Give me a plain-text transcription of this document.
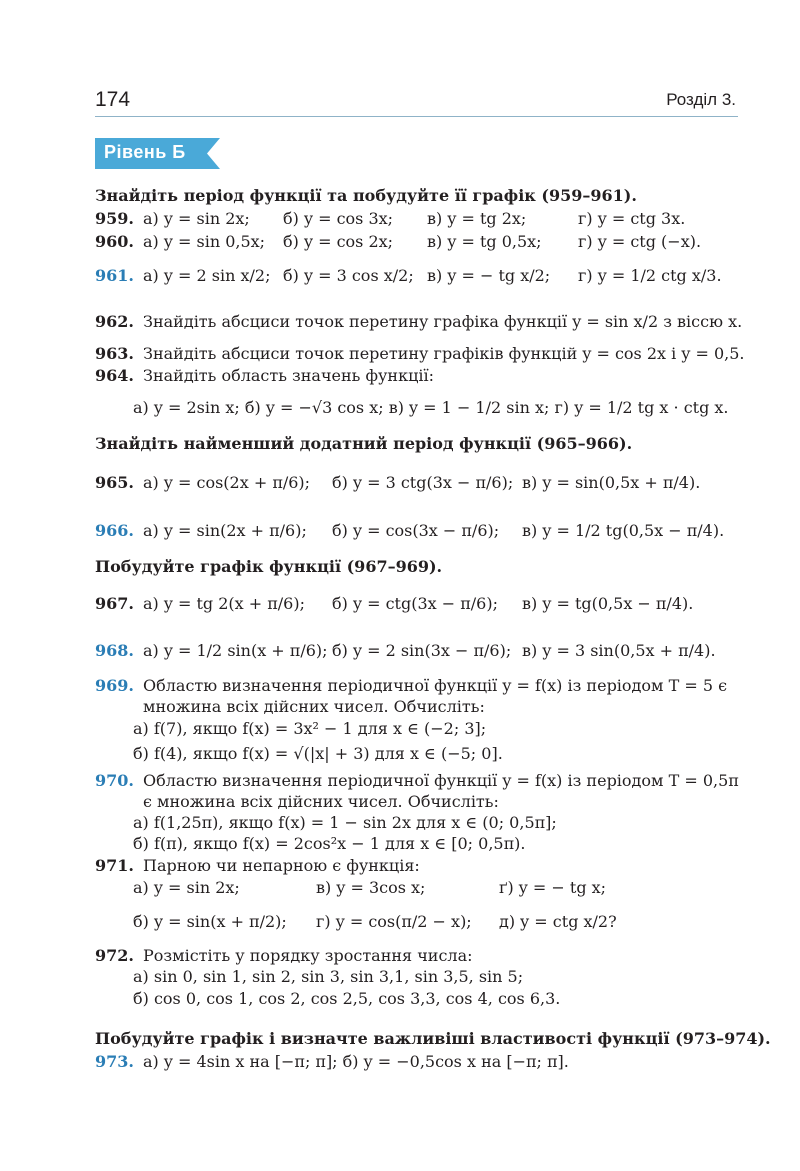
174	Розділ 3.
Рівень Б
Знайдіть період функції та побудуйте її графік (959–961).
959. а) y = sin 2x; б) y = cos 3x; в) y = tg 2x;	г) y = ctg 3x.
960. а) y = sin 0,5x; б) y = cos 2x; в) y = tg 0,5x; г) y = ctg (−x).
961. а) y = 2 sin x/2; б) y = 3 cos x/2; в) y = − tg x/2; г) y = 1/2 ctg x/3.
962. Знайдіть абсциси точок перетину графіка функції y = sin x/2 з віссю x.
963. Знайдіть абсциси точок перетину графіків функцій y = cos 2x і y = 0,5.
964. Знайдіть область значень функції:
а) y = 2sin x; б) y = −√3 cos x; в) y = 1 − 1/2 sin x; г) y = 1/2 tg x · ctg x.
Знайдіть найменший додатний період функції (965–966).
965. а) y = cos(2x + π/6); б) y = 3 ctg(3x − π/6); в) y = sin(0,5x + π/4).
966. а) y = sin(2x + π/6); б) y = cos(3x − π/6); в) y = 1/2 tg(0,5x − π/4).
Побудуйте графік функції (967–969).
967. а) y = tg 2(x + π/6); б) y = ctg(3x − π/6); в) y = tg(0,5x − π/4).
968. а) y = 1/2 sin(x + π/6); б) y = 2 sin(3x − π/6); в) y = 3 sin(0,5x + π/4).
969. Областю визначення періодичної функції y = f(x) із періодом T = 5 є
множина всіх дійсних чисел. Обчисліть:
а) f(7), якщо f(x) = 3x² − 1 для x ∈ (−2; 3];
б) f(4), якщо f(x) = √(|x| + 3) для x ∈ (−5; 0].
970. Областю визначення періодичної функції y = f(x) із періодом T = 0,5π
є множина всіх дійсних чисел. Обчисліть:
а) f(1,25π), якщо f(x) = 1 − sin 2x для x ∈ (0; 0,5π];
б) f(π), якщо f(x) = 2cos²x − 1 для x ∈ [0; 0,5π).
971. Парною чи непарною є функція:
а) y = sin 2x;	в) y = 3cos x;	ґ) y = − tg x;
б) y = sin(x + π/2); г) y = cos(π/2 − x); д) y = ctg x/2?
972. Розмістіть у порядку зростання числа:
а) sin 0, sin 1, sin 2, sin 3, sin 3,1, sin 3,5, sin 5;
б) cos 0, cos 1, cos 2, cos 2,5, cos 3,3, cos 4, cos 6,3.
Побудуйте графік і визначте важливіші властивості функції (973–974).
973. а) y = 4sin x на [−π; π]; б) y = −0,5cos x на [−π; π].
